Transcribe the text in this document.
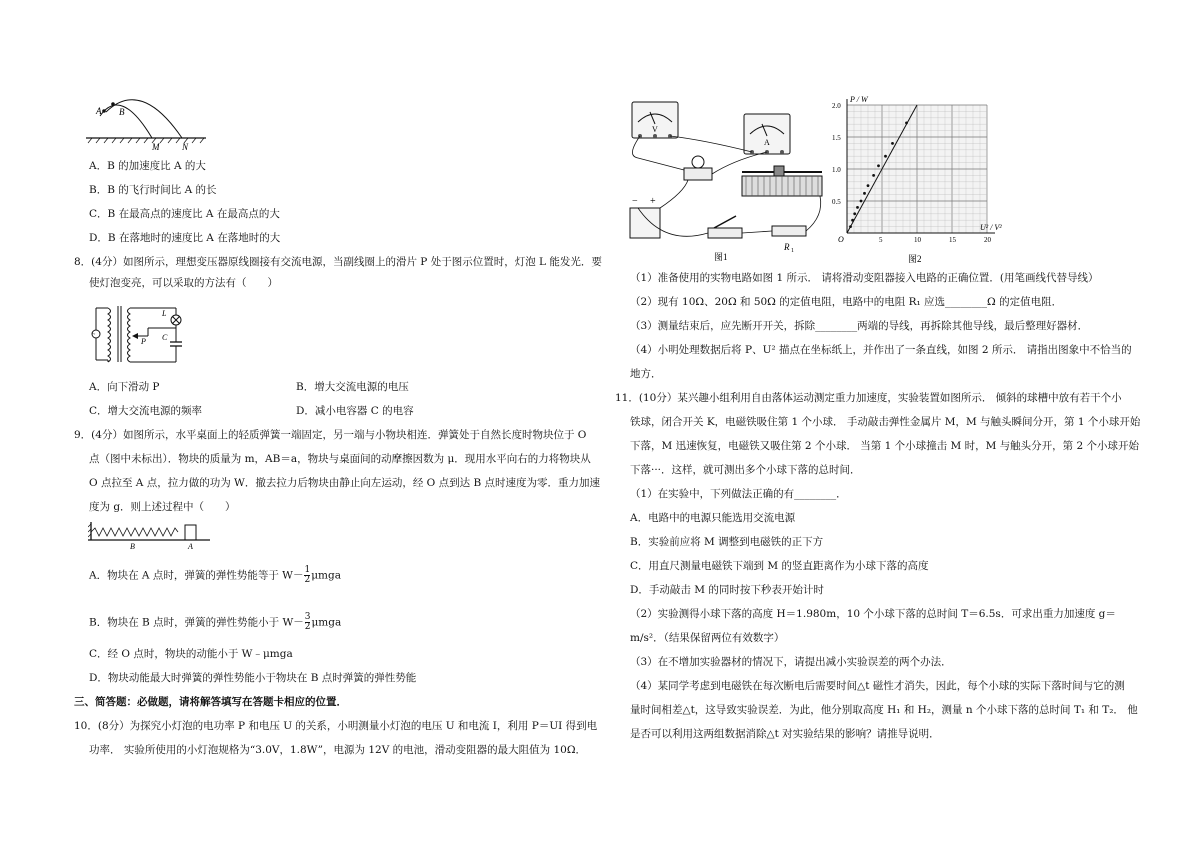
A B
M	N
A．B 的加速度比 A 的大
B．B 的飞行时间比 A 的长
C．B 在最高点的速度比 A 在最高点的大
D．B 在落地时的速度比 A 在落地时的大
8．(4分）如图所示，理想变压器原线圈接有交流电源，当副线圈上的滑片 P 处于图示位置时，灯泡 L 能发光．要
使灯泡变亮，可以采取的方法有（　　）
~
L
C
P
A．向下滑动 P	B．增大交流电源的电压
C．增大交流电源的频率	D．减小电容器 C 的电容
9．(4分）如图所示，水平桌面上的轻质弹簧一端固定，另一端与小物块相连．弹簧处于自然长度时物块位于 O
点（图中未标出）．物块的质量为 m，AB＝a，物块与桌面间的动摩擦因数为 μ．现用水平向右的力将物块从
O 点拉至 A 点，拉力做的功为 W．撤去拉力后物块由静止向左运动，经 O 点到达 B 点时速度为零．重力加速
度为 g．则上述过程中（　　）
B	A
A．物块在 A 点时，弹簧的弹性势能等于 $W- \frac{1}{2}$ μmga
B．物块在 B 点时，弹簧的弹性势能小于 $W- \frac{3}{2}$ μmga
C．经 O 点时，物块的动能小于 W﹣μmga
D．物块动能最大时弹簧的弹性势能小于物块在 B 点时弹簧的弹性势能
三、简答题：必做题，请将解答填写在答题卡相应的位置．
10．(8分）为探究小灯泡的电功率 P 和电压 U 的关系，小明测量小灯泡的电压 U 和电流 I，利用 P＝UI 得到电
功率． 实验所使用的小灯泡规格为“3.0V，1.8W”，电源为 12V 的电池，滑动变阻器的最大阻值为 10Ω．
V
A
− +
R 1
图1
5	10	15	20
0.5
1.0
1.5
2.0
P / W
U² / V²
O
图2
（1）准备使用的实物电路如图 1 所示． 请将滑动变阻器接入电路的正确位置．(用笔画线代替导线）
（2）现有 10Ω、20Ω 和 50Ω 的定值电阻，电路中的电阻 R₁ 应选________Ω 的定值电阻．
（3）测量结束后，应先断开开关，拆除________两端的导线，再拆除其他导线，最后整理好器材．
（4）小明处理数据后将 P、U² 描点在坐标纸上，并作出了一条直线，如图 2 所示． 请指出图象中不恰当的
地方．
11．(10分）某兴趣小组利用自由落体运动测定重力加速度，实验装置如图所示． 倾斜的球槽中放有若干个小
铁球，闭合开关 K，电磁铁吸住第 1 个小球． 手动敲击弹性金属片 M，M 与触头瞬间分开，第 1 个小球开始
下落，M 迅速恢复，电磁铁又吸住第 2 个小球． 当第 1 个小球撞击 M 时，M 与触头分开，第 2 个小球开始
下落···．这样，就可测出多个小球下落的总时间．
（1）在实验中，下列做法正确的有________．
A．电路中的电源只能选用交流电源
B．实验前应将 M 调整到电磁铁的正下方
C．用直尺测量电磁铁下端到 M 的竖直距离作为小球下落的高度
D．手动敲击 M 的同时按下秒表开始计时
（2）实验测得小球下落的高度 H＝1.980m，10 个小球下落的总时间 T＝6.5s．可求出重力加速度 g＝
m/s²．（结果保留两位有效数字）
（3）在不增加实验器材的情况下，请提出减小实验误差的两个办法．
（4）某同学考虑到电磁铁在每次断电后需要时间△t 磁性才消失，因此，每个小球的实际下落时间与它的测
量时间相差△t，这导致实验误差．为此，他分别取高度 H₁ 和 H₂，测量 n 个小球下落的总时间 T₁ 和 T₂． 他
是否可以利用这两组数据消除△t 对实验结果的影响？请推导说明．
